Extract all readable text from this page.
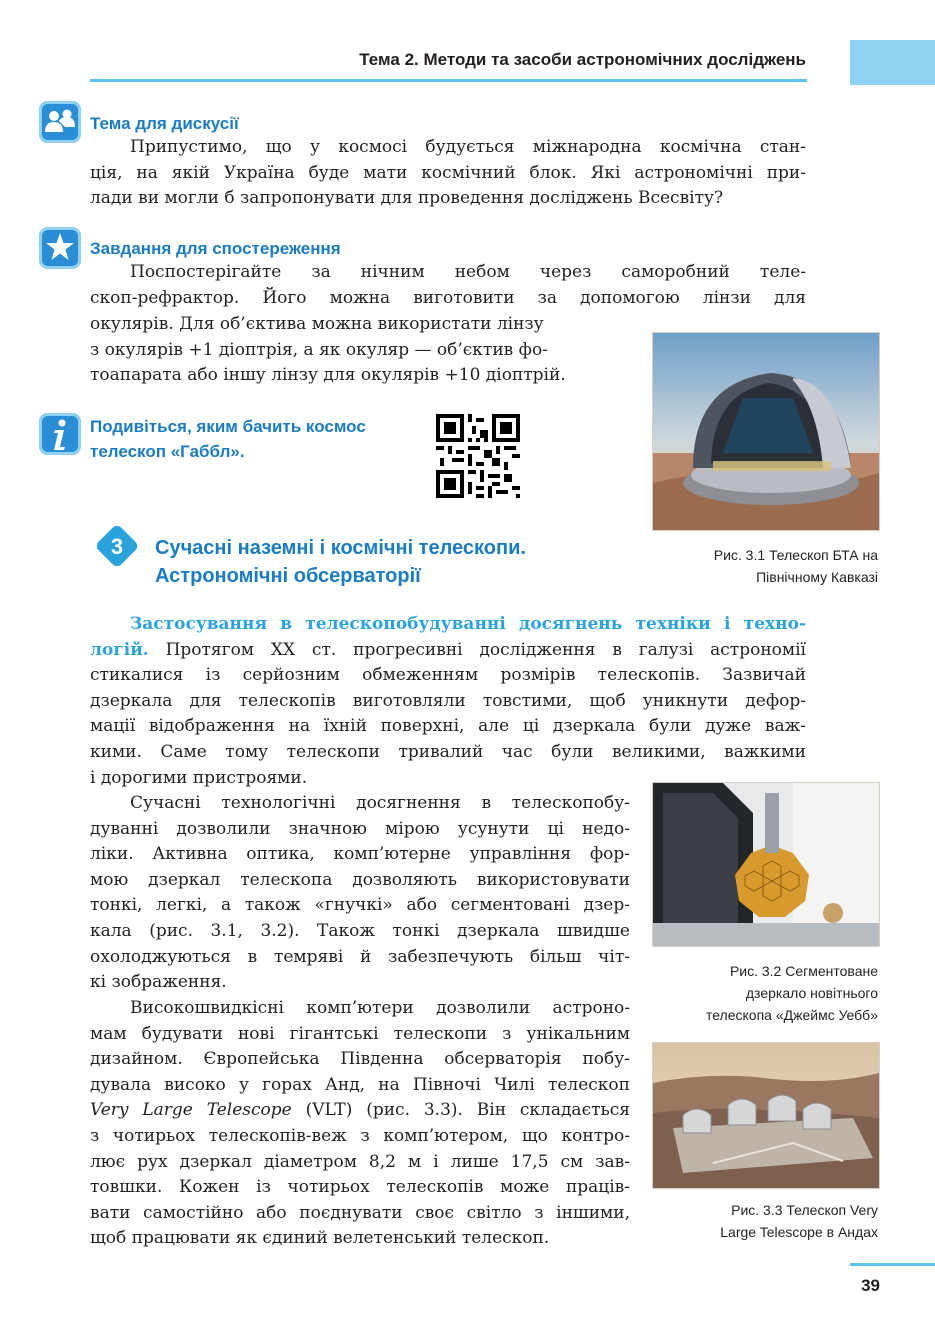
Тема 2. Методи та засоби астрономічних досліджень
Тема для дискусії

Припустимо, що у космосі будується міжнародна космічна стан-

ція, на якій Україна буде мати космічний блок. Які астрономічні при-

лади ви могли б запропонувати для проведення досліджень Всесвіту?

Завдання для спостереження

Поспостерігайте за нічним небом через саморобний теле-

скоп-рефрактор. Його можна виготовити за допомогою лінзи для

окулярів. Для об’єктива можна використати лінзу

з окулярів +1 діоптрія, а як окуляр — об’єктив фо-

тоапарата або іншу лінзу для окулярів +10 діоптрій.

Подивіться, яким бачить космос
телескоп «Габбл».
3 Сучасні наземні і космічні телескопи.
Астрономічні обсерваторії
Рис. 3.1 Телескоп БТА на
Північному Кавказі

Застосування в телескопобудуванні досягнень техніки і техно-

логій. Протягом XX ст. прогресивні дослідження в галузі астрономії

стикалися із серйозним обмеженням розмірів телескопів. Зазвичай

дзеркала для телескопів виготовляли товстими, щоб уникнути дефор-

мації відображення на їхній поверхні, але ці дзеркала були дуже важ-

кими. Саме тому телескопи тривалий час були великими, важкими

і дорогими пристроями.

Сучасні технологічні досягнення в телескопобу-

дуванні дозволили значною мірою усунути ці недо-

ліки. Активна оптика, комп’ютерне управління фор-

мою дзеркал телескопа дозволяють використовувати

тонкі, легкі, а також «гнучкі» або сегментовані дзер-

кала (рис. 3.1, 3.2). Також тонкі дзеркала швидше

охолоджуються в темряві й забезпечують більш чіт-

кі зображення.

Високошвидкісні комп’ютери дозволили астроно-

мам будувати нові гігантські телескопи з унікальним

дизайном. Європейська Південна обсерваторія побу-

дувала високо у горах Анд, на Півночі Чилі телескоп

Very Large Telescope (VLT) (рис. 3.3). Він складається

з чотирьох телескопів-веж з комп’ютером, що контро-

лює рух дзеркал діаметром 8,2 м і лише 17,5 см зав-

товшки. Кожен із чотирьох телескопів може праців-

вати самостійно або поєднувати своє світло з іншими,

щоб працювати як єдиний велетенський телескоп.

Рис. 3.2 Сегментоване
дзеркало новітнього
телескопа «Джеймс Уебб»
Рис. 3.3 Телескоп Very
Large Telescope в Андах
39
